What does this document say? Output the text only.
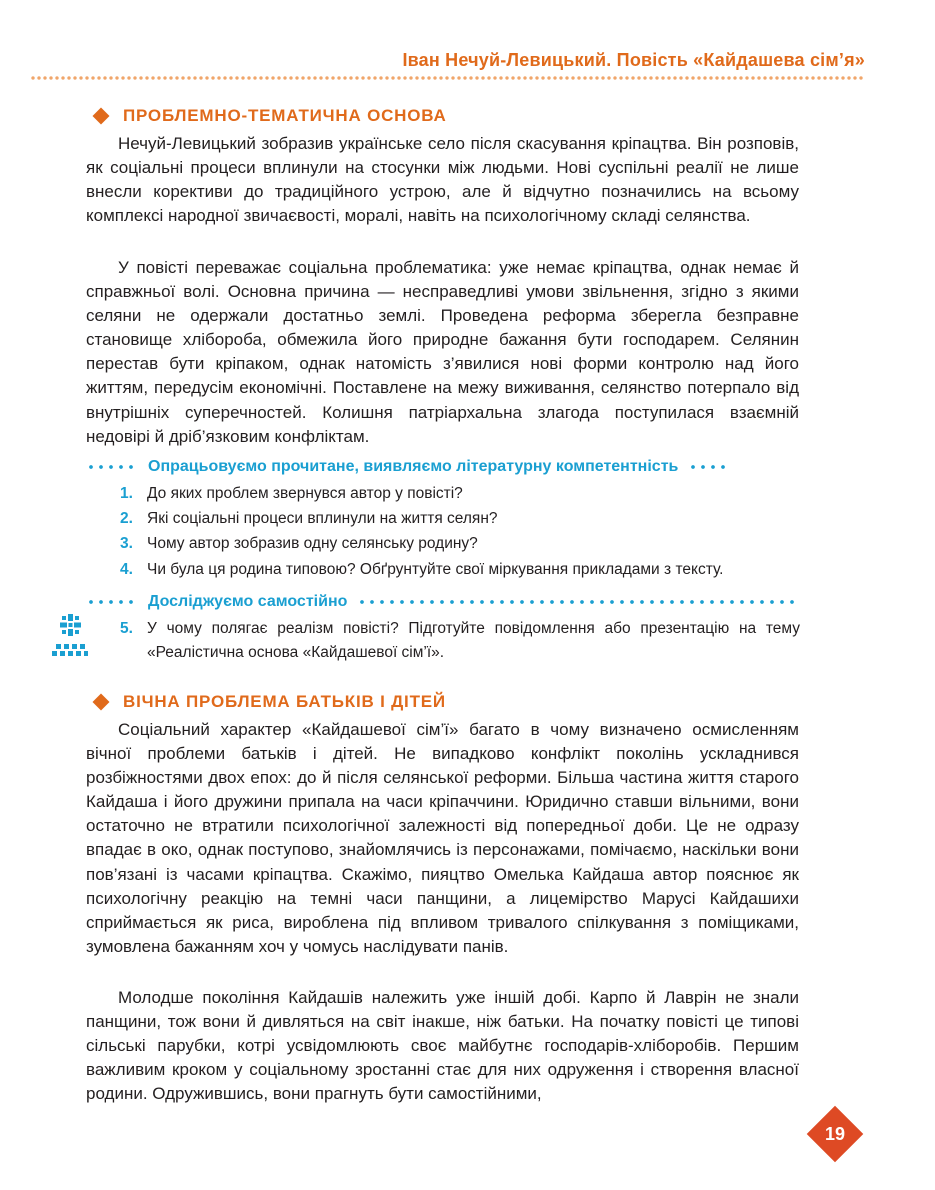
Іван Нечуй-Левицький. Повість «Кайдашева сім’я»
ПРОБЛЕМНО-ТЕМАТИЧНА ОСНОВА

Нечуй-Левицький зобразив українське село після скасування кріпацтва. Він розповів, як соціальні процеси вплинули на стосунки між людьми. Нові суспільні реалії не лише внесли корективи до традиційного устрою, але й відчутно позначились на всьому комплексі народної звичаєвості, моралі, навіть на психологічному складі селянства.

У повісті переважає соціальна проблематика: уже немає кріпацтва, однак немає й справжньої волі. Основна причина — несправедливі умови звільнення, згідно з якими селяни не одержали достатньо землі. Проведена реформа зберегла безправне становище хлібороба, обмежила його природне бажання бути господарем. Селянин перестав бути кріпаком, однак натомість з’явилися нові форми контролю над його життям, передусім економічні. Поставлене на межу виживання, селянство потерпало від внутрішніх суперечностей. Колишня патріархальна злагода поступилася взаємній недовірі й дріб’язковим конфліктам.

Опрацьовуємо прочитане, виявляємо літературну компетентність
1. До яких проблем звернувся автор у повісті?
2. Які соціальні процеси вплинули на життя селян?
3. Чому автор зобразив одну селянську родину?
4. Чи була ця родина типовою? Обґрунтуйте свої міркування прикладами з тексту.
Досліджуємо самостійно
5. У чому полягає реалізм повісті? Підготуйте повідомлення або презентацію на тему «Реалістична основа «Кайдашевої сім’ї».
ВІЧНА ПРОБЛЕМА БАТЬКІВ І ДІТЕЙ

Соціальний характер «Кайдашевої сім’ї» багато в чому визначено осмисленням вічної проблеми батьків і дітей. Не випадково конфлікт поколінь ускладнився розбіжностями двох епох: до й після селянської реформи. Більша частина життя старого Кайдаша і його дружини припала на часи кріпаччини. Юридично ставши вільними, вони остаточно не втратили психологічної залежності від попередньої доби. Це не одразу впадає в око, однак поступово, знайомлячись із персонажами, помічаємо, наскільки вони пов’язані із часами кріпацтва. Скажімо, пияцтво Омелька Кайдаша автор пояснює як психологічну реакцію на темні часи панщини, а лицемірство Марусі Кайдашихи сприймається як риса, вироблена під впливом тривалого спілкування з поміщиками, зумовлена бажанням хоч у чомусь наслідувати панів.

Молодше покоління Кайдашів належить уже іншій добі. Карпо й Лаврін не знали панщини, тож вони й дивляться на світ інакше, ніж батьки. На початку повісті це типові сільські парубки, котрі усвідомлюють своє майбутнє господарів-хліборобів. Першим важливим кроком у соціальному зростанні стає для них одруження і створення власної родини. Одружившись, вони прагнуть бути самостійними,

19
